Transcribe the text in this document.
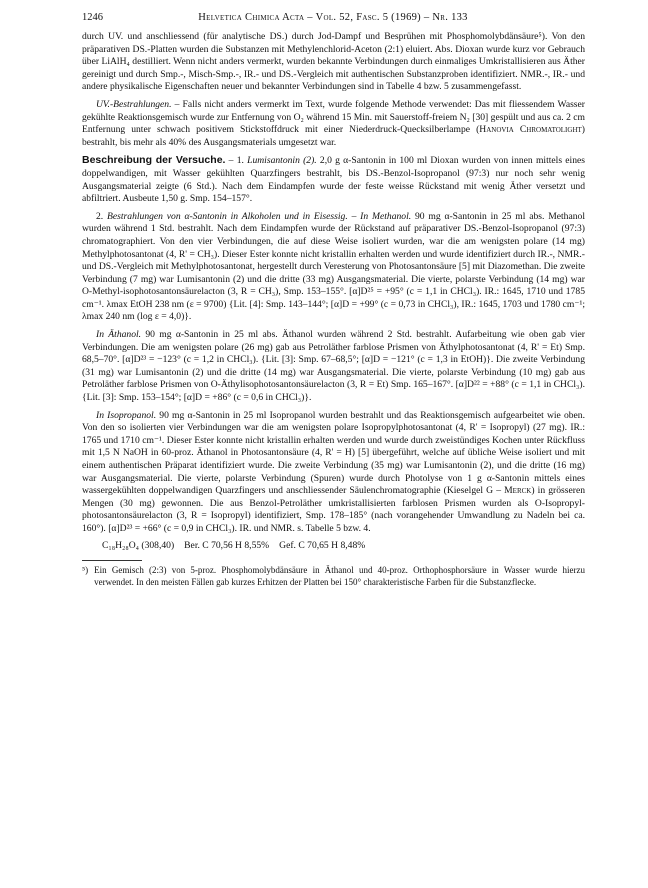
1246	Helvetica Chimica Acta – Vol. 52, Fasc. 5 (1969) – Nr. 133

durch UV. und anschliessend (für analytische DS.) durch Jod-Dampf und Besprühen mit Phosphomolybdänsäure⁵). Von den präparativen DS.-Platten wurden die Substanzen mit Methylenchlorid-Aceton (2:1) eluiert. Abs. Dioxan wurde kurz vor Gebrauch über LiAlH₄ destilliert. Wenn nicht anders vermerkt, wurden bekannte Verbindungen durch einmaliges Umkristallisieren aus Äther gereinigt und durch Smp.-, Misch-Smp.-, IR.- und DS.-Vergleich mit authentischen Substanzproben identifiziert. NMR.-, IR.- und andere physikalische Eigenschaften neuer und bekannter Verbindungen sind in Tabelle 4 bzw. 5 zusammengefasst.

UV.-Bestrahlungen. – Falls nicht anders vermerkt im Text, wurde folgende Methode verwendet: Das mit fliessendem Wasser gekühlte Reaktionsgemisch wurde zur Entfernung von O₂ während 15 Min. mit Sauerstoff-freiem N₂ [30] gespült und aus ca. 2 cm Entfernung unter schwach positivem Stickstoffdruck mit einer Niederdruck-Quecksilberlampe (Hanovia Chromatolight) bestrahlt, bis mehr als 40% des Ausgangsmaterials umgesetzt war.

Beschreibung der Versuche. – 1. Lumisantonin (2). 2,0 g α-Santonin in 100 ml Dioxan wurden von innen mittels eines doppelwandigen, mit Wasser gekühlten Quarzfingers bestrahlt, bis DS.-Benzol-Isopropanol (97:3) nur noch sehr wenig Ausgangsmaterial zeigte (6 Std.). Nach dem Eindampfen wurde der feste weisse Rückstand mit wenig Äther versetzt und abfiltriert. Ausbeute 1,50 g. Smp. 154–157°.

2. Bestrahlungen von α-Santonin in Alkoholen und in Eisessig. – In Methanol. 90 mg α-Santonin in 25 ml abs. Methanol wurden während 1 Std. bestrahlt. Nach dem Eindampfen wurde der Rückstand auf präparativer DS.-Benzol-Isopropanol (97:3) chromatographiert. Von den vier Verbindungen, die auf diese Weise isoliert wurden, war die am wenigsten polare (14 mg) Methylphotosantonat (4, R' = CH₃). Dieser Ester konnte nicht kristallin erhalten werden und wurde identifiziert durch IR.-, NMR.- und DS.-Vergleich mit Methylphotosantonat, hergestellt durch Veresterung von Photosantonsäure [5] mit Diazomethan. Die zweite Verbindung (7 mg) war Lumisantonin (2) und die dritte (33 mg) Ausgangsmaterial. Die vierte, polarste Verbindung (14 mg) war O-Methyl-isophotosantonsäurelacton (3, R = CH₃), Smp. 153–155°. [α]D²⁵ = +95° (c = 1,1 in CHCl₃). IR.: 1645, 1710 und 1785 cm⁻¹. λmax EtOH 238 nm (ε = 9700) {Lit. [4]: Smp. 143–144°; [α]D = +99° (c = 0,73 in CHCl₃), IR.: 1645, 1703 und 1780 cm⁻¹; λmax 240 nm (log ε = 4,0)}.

In Äthanol. 90 mg α-Santonin in 25 ml abs. Äthanol wurden während 2 Std. bestrahlt. Aufarbeitung wie oben gab vier Verbindungen. Die am wenigsten polare (26 mg) gab aus Petroläther farblose Prismen von Äthylphotosantonat (4, R' = Et) Smp. 68,5–70°. [α]D²³ = −123° (c = 1,2 in CHCl₃). {Lit. [3]: Smp. 67–68,5°; [α]D = −121° (c = 1,3 in EtOH)}. Die zweite Verbindung (31 mg) war Lumisantonin (2) und die dritte (14 mg) war Ausgangsmaterial. Die vierte, polarste Verbindung (10 mg) gab aus Petroläther farblose Prismen von O-Äthylisophotosantonsäurelacton (3, R = Et) Smp. 165–167°. [α]D²² = +88° (c = 1,1 in CHCl₃). {Lit. [3]: Smp. 153–154°; [α]D = +86° (c = 0,6 in CHCl₃)}.

In Isopropanol. 90 mg α-Santonin in 25 ml Isopropanol wurden bestrahlt und das Reaktionsgemisch aufgearbeitet wie oben. Von den so isolierten vier Verbindungen war die am wenigsten polare Isopropylphotosantonat (4, R' = Isopropyl) (27 mg). IR.: 1765 und 1710 cm⁻¹. Dieser Ester konnte nicht kristallin erhalten werden und wurde durch zweistündiges Kochen unter Rückfluss mit 1,5 N NaOH in 60-proz. Äthanol in Photosantonsäure (4, R' = H) [5] übergeführt, welche auf übliche Weise isoliert und mit einem authentischen Präparat identifiziert wurde. Die zweite Verbindung (35 mg) war Lumisantonin (2), und die dritte (16 mg) war Ausgangsmaterial. Die vierte, polarste Verbindung (Spuren) wurde durch Photolyse von 1 g α-Santonin mittels eines wassergekühlten doppelwandigen Quarzfingers und anschliessender Säulenchromatographie (Kieselgel G – Merck) in grösseren Mengen (30 mg) gewonnen. Die aus Benzol-Petroläther umkristallisierten farblosen Prismen wurden als O-Isopropyl-photosantonsäurelacton (3, R = Isopropyl) identifiziert, Smp. 178–185° (nach vorangehender Umwandlung zu Nadeln bei ca. 160°). [α]D²³ = +66° (c = 0,9 in CHCl₃). IR. und NMR. s. Tabelle 5 bzw. 4.

C₁₈H₂₈O₄ (308,40) Ber. C 70,56 H 8,55% Gef. C 70,65 H 8,48%
⁵) Ein Gemisch (2:3) von 5-proz. Phosphomolybdänsäure in Äthanol und 40-proz. Orthophosphorsäure in Wasser wurde hierzu verwendet. In den meisten Fällen gab kurzes Erhitzen der Platten bei 150° charakteristische Farben für die Substanzflecke.
